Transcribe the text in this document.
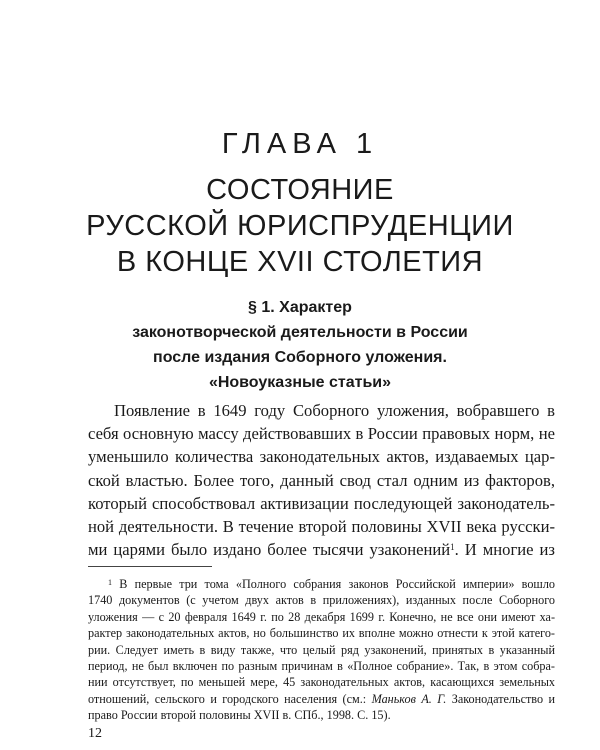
ГЛАВА 1
СОСТОЯНИЕ
РУССКОЙ ЮРИСПРУДЕНЦИИ
В КОНЦЕ XVII СТОЛЕТИЯ
§ 1. Характер
законотворческой деятельности в России
после издания Соборного уложения.
«Новоуказные статьи»
Появление в 1649 году Соборного уложения, вобравшего в
себя основную массу действовавших в России правовых норм, не
уменьшило количества законодательных актов, издаваемых цар-
ской властью. Более того, данный свод стал одним из факторов,
который способствовал активизации последующей законодатель-
ной деятельности. В течение второй половины XVII века русски-
ми царями было издано более тысячи узаконений$^1$. И многие из
$^1$ В первые три тома «Полного собрания законов Российской империи» вошло
1740 документов (с учетом двух актов в приложениях), изданных после Соборного
уложения — с 20 февраля 1649 г. по 28 декабря 1699 г. Конечно, не все они имеют ха-
рактер законодательных актов, но большинство их вполне можно отнести к этой катего-
рии. Следует иметь в виду также, что целый ряд узаконений, принятых в указанный
период, не был включен по разным причинам в «Полное собрание». Так, в этом собра-
нии отсутствует, по меньшей мере, 45 законодательных актов, касающихся земельных
отношений, сельского и городского населения (см.: Маньков А. Г. Законодательство и
право России второй половины XVII в. СПб., 1998. С. 15).
12
